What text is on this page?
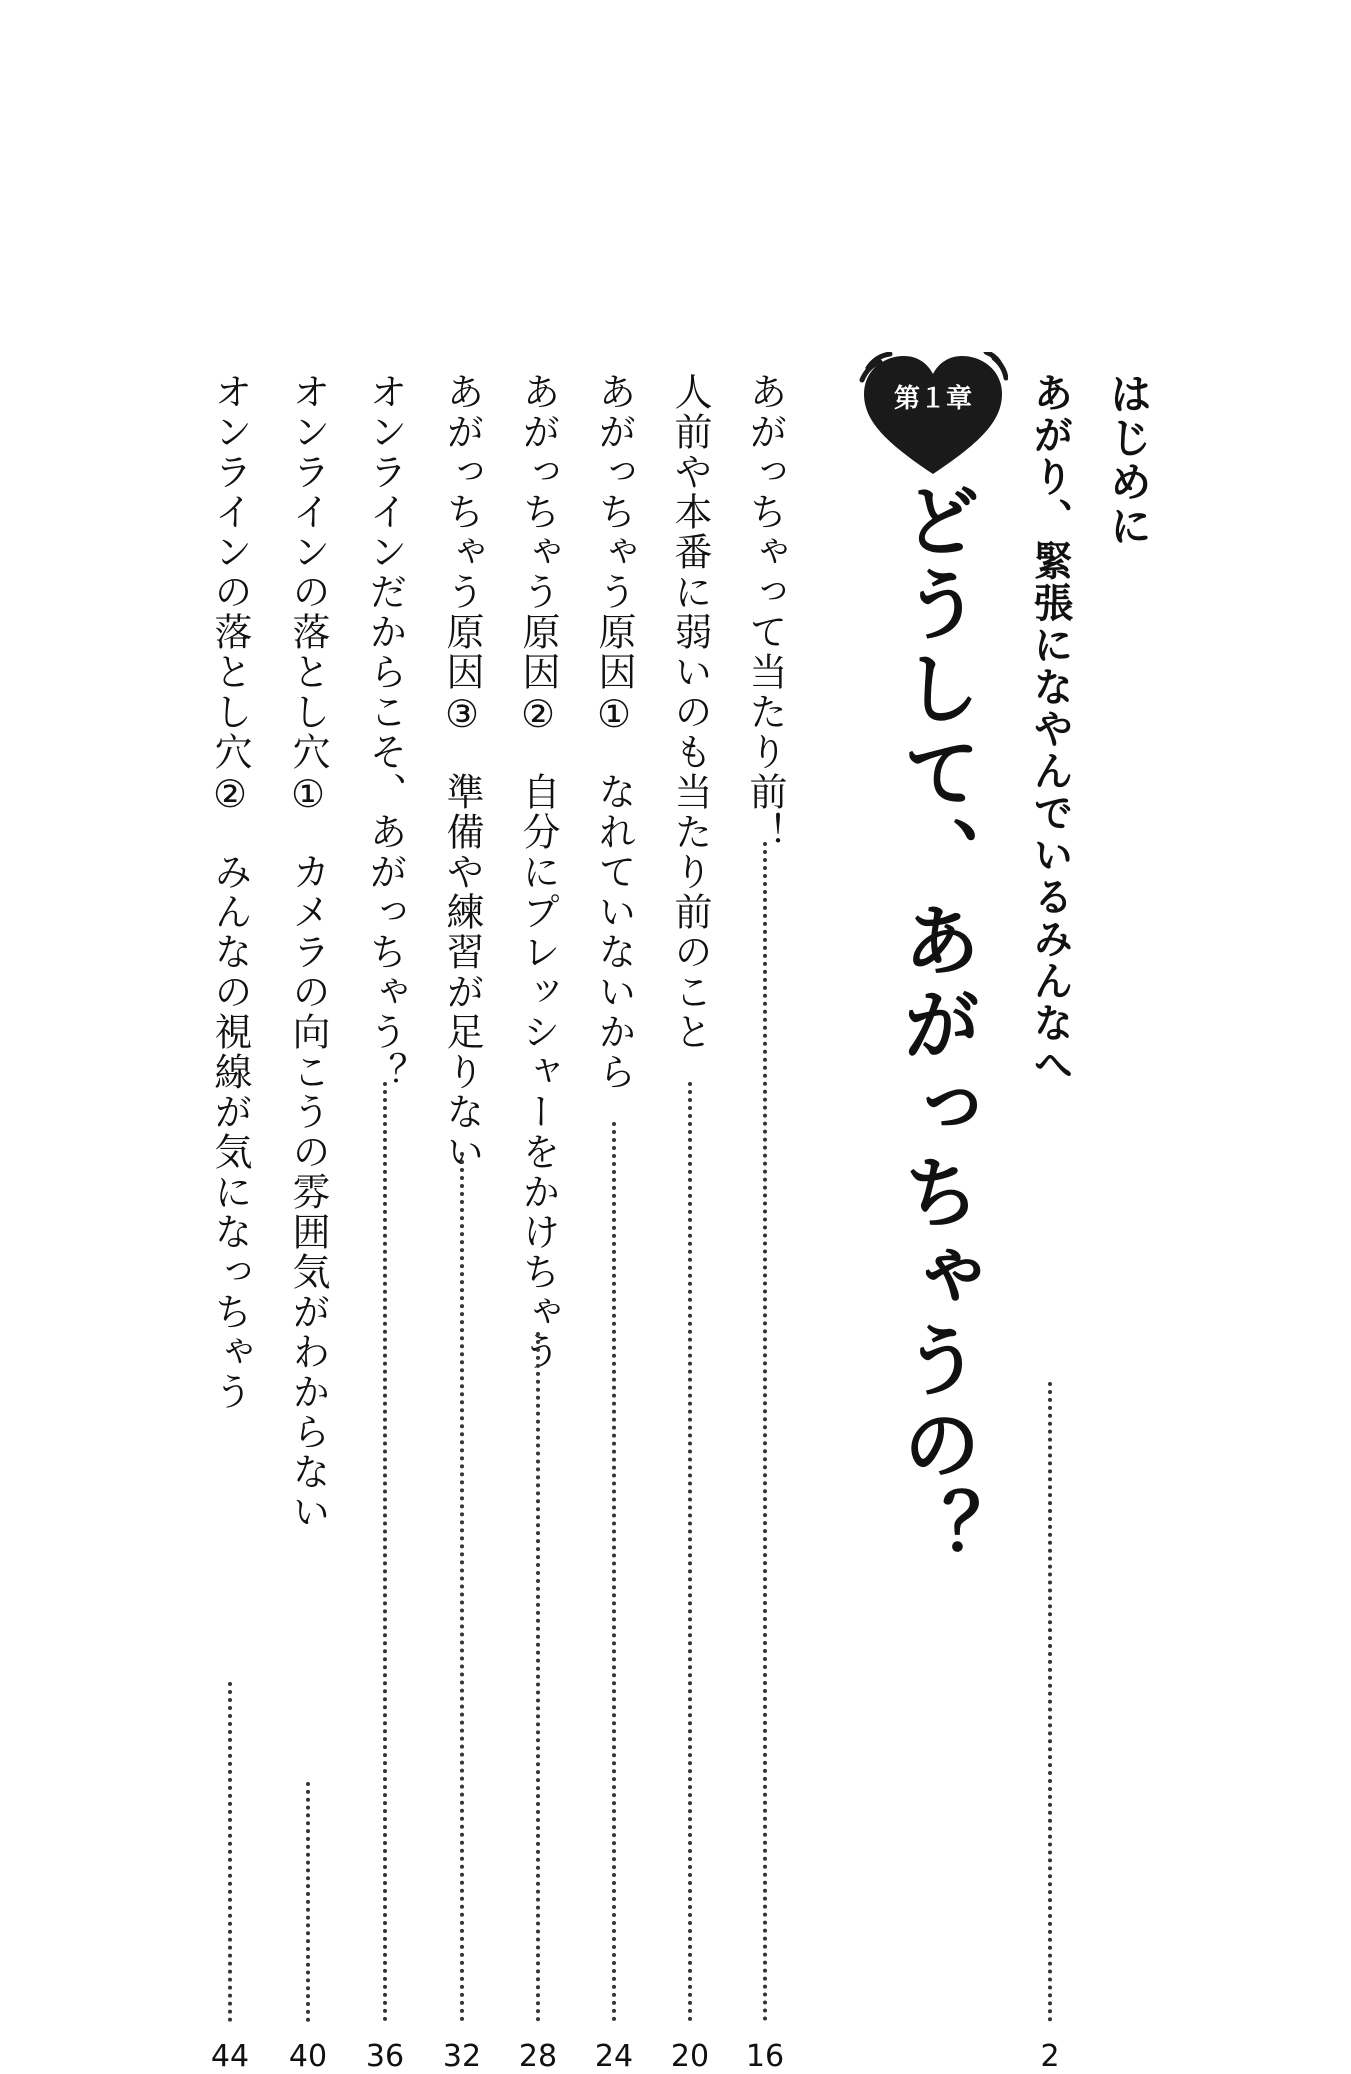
はじめに
あがり、緊張になやんでいるみんなへ
2
第１章
どうして、あがっちゃうの？
あがっちゃって当たり前！
16
人前や本番に弱いのも当たり前のこと
20
あがっちゃう原因①なれていないから
24
あがっちゃう原因②自分にプレッシャーをかけちゃう
28
あがっちゃう原因③準備や練習が足りない
32
オンラインだからこそ、あがっちゃう？
36
オンラインの落とし穴①カメラの向こうの雰囲気がわからない
40
オンラインの落とし穴②みんなの視線が気になっちゃう
44
